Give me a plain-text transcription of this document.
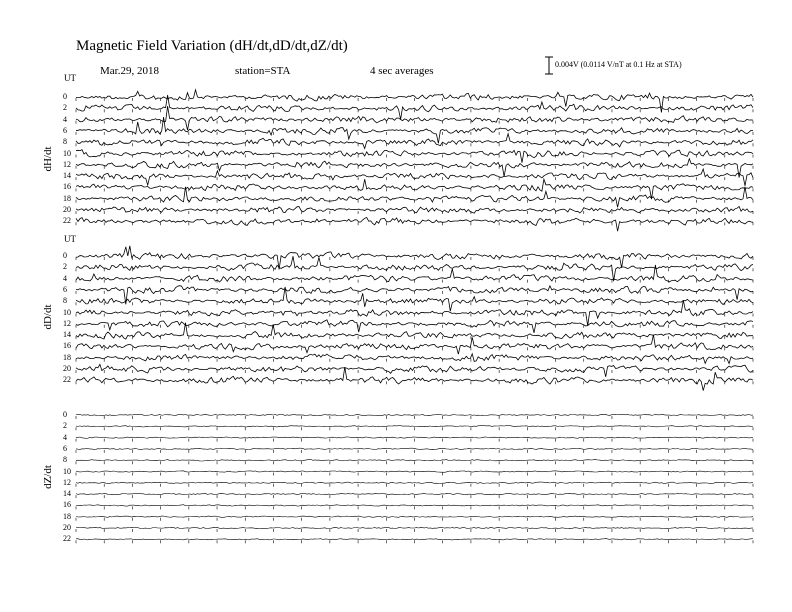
Magnetic Field Variation (dH/dt,dD/dt,dZ/dt)
Mar.29, 2018	station=STA	4 sec averages
0.004V (0.0114 V/nT at 0.1 Hz at STA)
dH/dt
UT
0
2
4
6
8
10
12
14
16
18
20
22
dD/dt
UT
0
2
4
6
8
10
12
14
16
18
20
22
dZ/dt
0
2
4
6
8
10
12
14
16
18
20
22
